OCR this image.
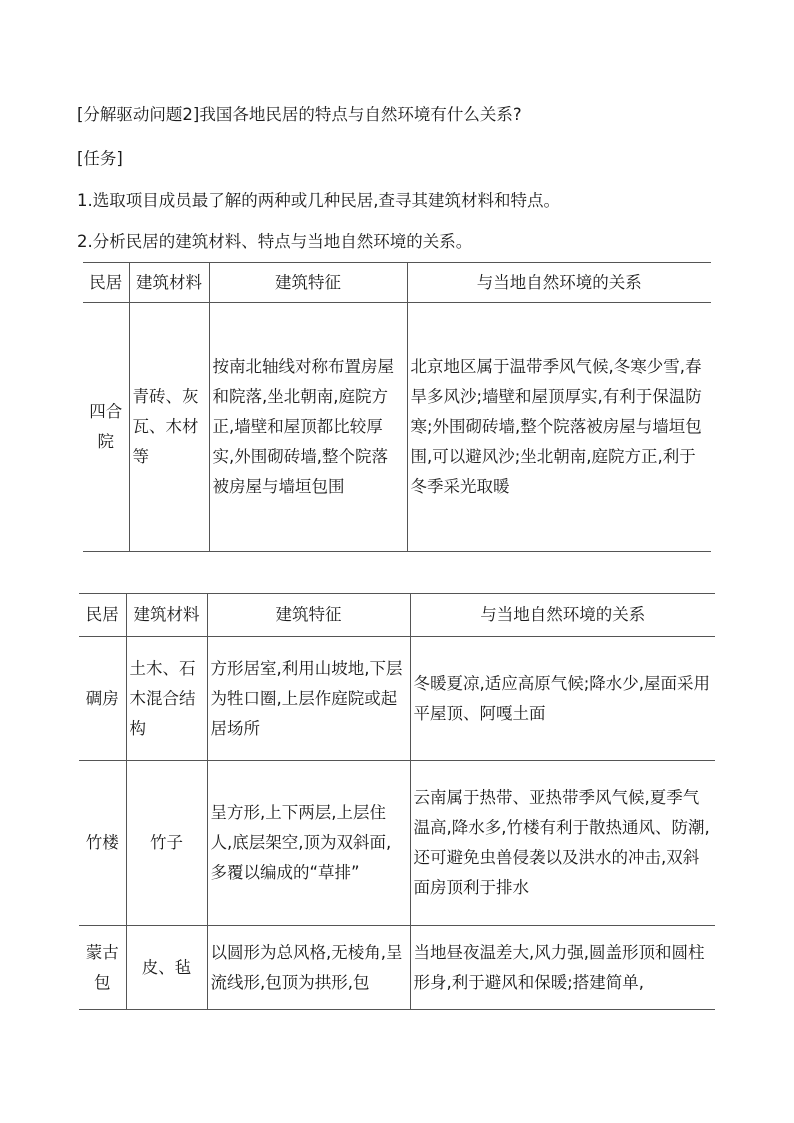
[分解驱动问题2]我国各地民居的特点与自然环境有什么关系?

[任务]

1.选取项目成员最了解的两种或几种民居,查寻其建筑材料和特点。

2.分析民居的建筑材料、特点与当地自然环境的关系。

民居	建筑材料	建筑特征	与当地自然环境的关系
四合院	青砖、灰瓦、木材等	按南北轴线对称布置房屋和院落,坐北朝南,庭院方正,墙壁和屋顶都比较厚实,外围砌砖墙,整个院落被房屋与墙垣包围	北京地区属于温带季风气候,冬寒少雪,春旱多风沙;墙壁和屋顶厚实,有利于保温防寒;外围砌砖墙,整个院落被房屋与墙垣包围,可以避风沙;坐北朝南,庭院方正,利于冬季采光取暖
民居	建筑材料	建筑特征	与当地自然环境的关系
碉房	土木、石木混合结构	方形居室,利用山坡地,下层为牲口圈,上层作庭院或起居场所	冬暖夏凉,适应高原气候;降水少,屋面采用平屋顶、阿嘎土面
竹楼	竹子	呈方形,上下两层,上层住人,底层架空,顶为双斜面,多覆以编成的“草排”	云南属于热带、亚热带季风气候,夏季气温高,降水多,竹楼有利于散热通风、防潮,还可避免虫兽侵袭以及洪水的冲击,双斜面房顶利于排水
蒙古包	皮、毡	以圆形为总风格,无棱角,呈流线形,包顶为拱形,包	当地昼夜温差大,风力强,圆盖形顶和圆柱形身,利于避风和保暖;搭建简单,
